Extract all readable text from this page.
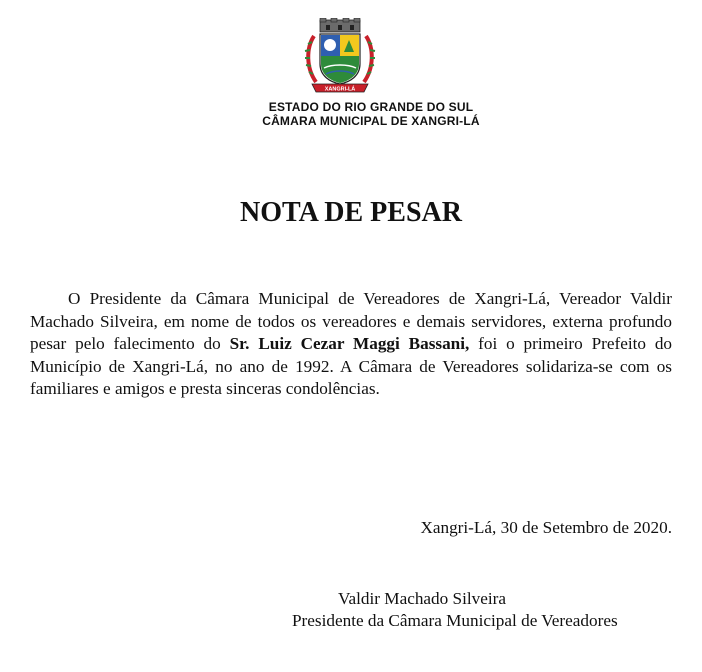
XANGRI-LÁ
ESTADO DO RIO GRANDE DO SUL
CÂMARA MUNICIPAL DE XANGRI-LÁ
NOTA DE PESAR
O Presidente da Câmara Municipal de Vereadores de Xangri-Lá, Vereador Valdir Machado Silveira, em nome de todos os vereadores e demais servidores, externa profundo pesar pelo falecimento do Sr. Luiz Cezar Maggi Bassani, foi o primeiro Prefeito do Município de Xangri-Lá, no ano de 1992. A Câmara de Vereadores solidariza-se com os familiares e amigos e presta sinceras condolências.
Xangri-Lá, 30 de Setembro de 2020.
Valdir Machado Silveira
Presidente da Câmara Municipal de Vereadores
